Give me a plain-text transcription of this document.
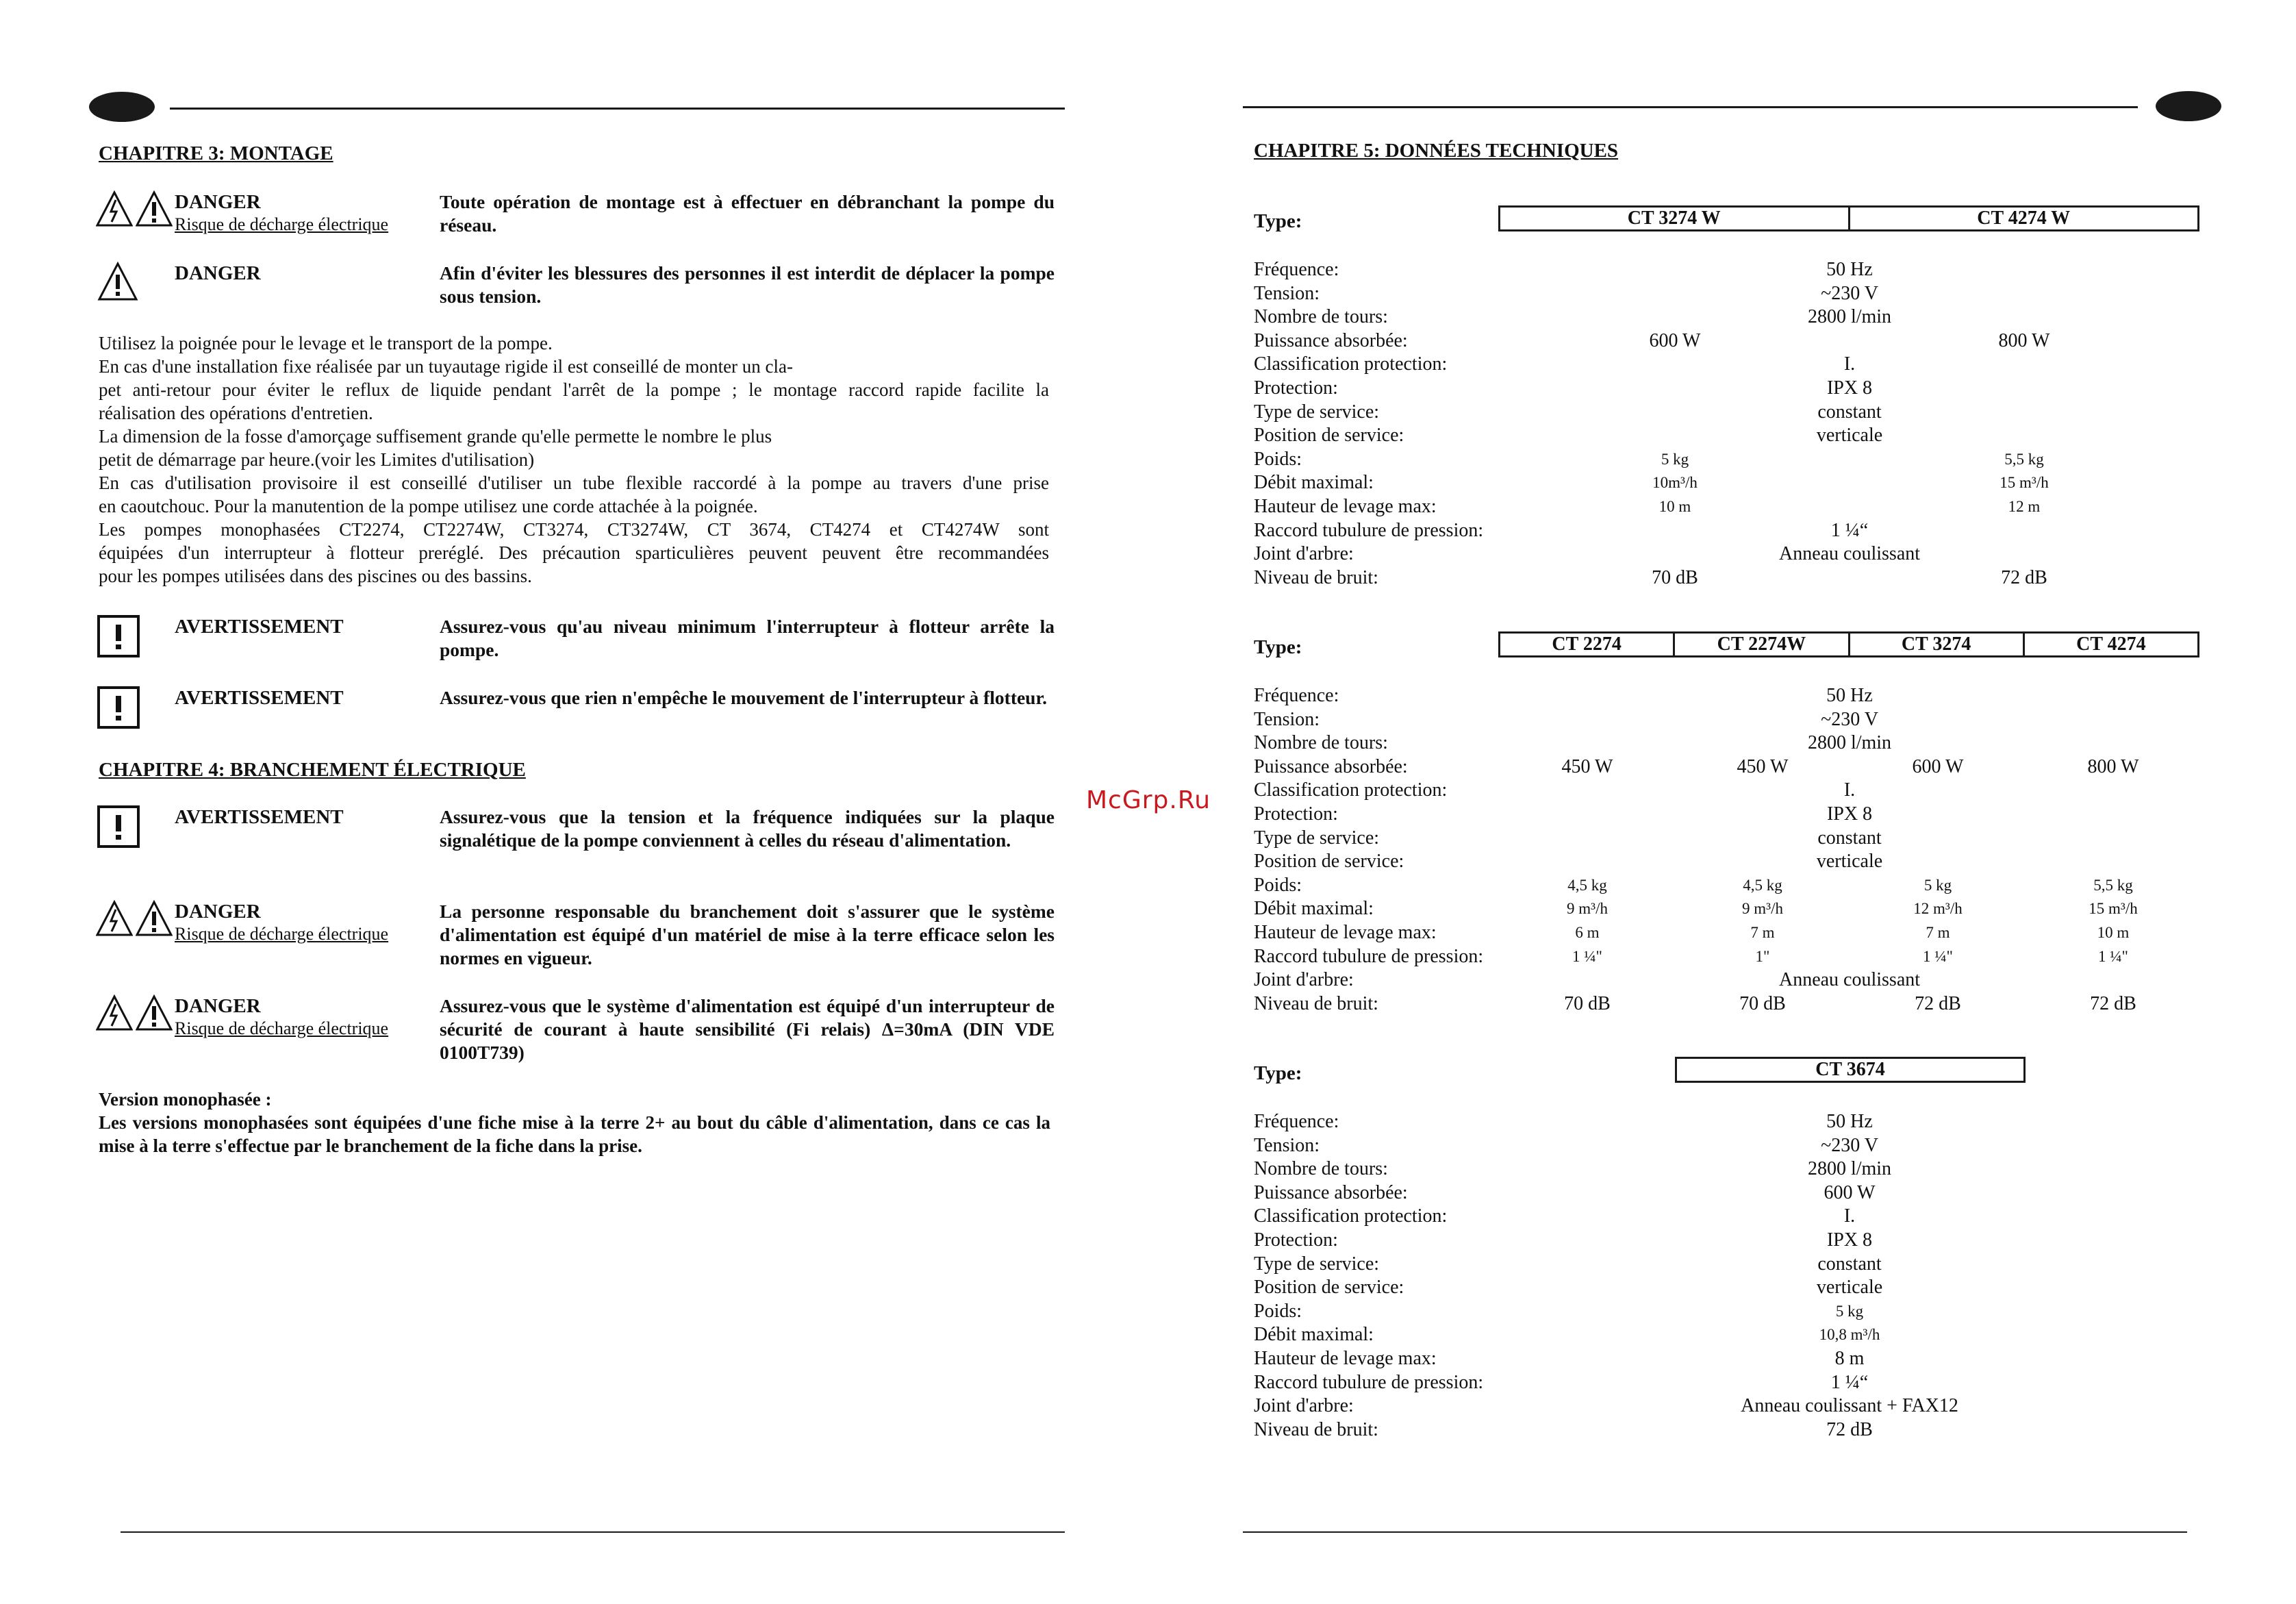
CHAPITRE 3: MONTAGE
DANGER
Risque de décharge électrique
Toute opération de montage est à effectuer en débranchant la pompe du réseau.
DANGER	Afin d'éviter les blessures des personnes il est interdit de déplacer la pompe sous tension.
Utilisez la poignée pour le levage et le transport de la pompe.
En cas d'une installation fixe réalisée par un tuyautage rigide il est conseillé de monter un cla-
pet anti-retour pour éviter le reflux de liquide pendant l'arrêt de la pompe ; le montage raccord rapide facilite la
réalisation des opérations d'entretien.
La dimension de la fosse d'amorçage suffisement grande qu'elle permette le nombre le plus
petit de démarrage par heure.(voir les Limites d'utilisation)
En cas d'utilisation provisoire il est conseillé d'utiliser un tube flexible raccordé à la pompe au travers d'une prise
en caoutchouc. Pour la manutention de la pompe utilisez une corde attachée à la poignée.
Les pompes monophasées CT2274, CT2274W, CT3274, CT3274W, CT 3674, CT4274 et CT4274W sont
équipées d'un interrupteur à flotteur preréglé. Des précaution sparticulières peuvent peuvent être recommandées
pour les pompes utilisées dans des piscines ou des bassins.
AVERTISSEMENT	Assurez-vous qu'au niveau minimum l'interrupteur à flotteur arrête la pompe.
AVERTISSEMENT	Assurez-vous que rien n'empêche le mouvement de l'interrupteur à flotteur.
CHAPITRE 4: BRANCHEMENT ÉLECTRIQUE
AVERTISSEMENT	Assurez-vous que la tension et la fréquence indiquées sur la plaque signalétique de la pompe conviennent à celles du réseau d'alimentation.
DANGER
Risque de décharge électrique
La personne responsable du branchement doit s'assurer que le système d'alimentation est équipé d'un matériel de mise à la terre efficace selon les normes en vigueur.
DANGER
Risque de décharge électrique
Assurez-vous que le système d'alimentation est équipé d'un interrupteur de sécurité de courant à haute sensibilité (Fi relais) Δ=30mA (DIN VDE 0100T739)
Version monophasée :
Les versions monophasées sont équipées d'une fiche mise à la terre 2+ au bout du câble d'alimentation, dans ce cas la mise à la terre s'effectue par le branchement de la fiche dans la prise.
McGrp.Ru
CHAPITRE 5: DONNÉES TECHNIQUES
Type:	CT 3274 W	CT 4274 W
Fréquence:	50 Hz
Tension:	~230 V
Nombre de tours:	2800 l/min
Puissance absorbée:	600 W	800 W
Classification protection:	I.
Protection:	IPX 8
Type de service:	constant
Position de service:	verticale
Poids:	5 kg	5,5 kg
Débit maximal:	10m³/h	15 m³/h
Hauteur de levage max:	10 m	12 m
Raccord tubulure de pression:	1 ¼“
Joint d'arbre:	Anneau coulissant
Niveau de bruit:	70 dB	72 dB
Type:	CT 2274	CT 2274W	CT 3274	CT 4274
Fréquence:	50 Hz
Tension:	~230 V
Nombre de tours:	2800 l/min
Puissance absorbée:	450 W	450 W	600 W	800 W
Classification protection:	I.
Protection:	IPX 8
Type de service:	constant
Position de service:	verticale
Poids:	4,5 kg	4,5 kg	5 kg	5,5 kg
Débit maximal:	9 m³/h	9 m³/h	12 m³/h	15 m³/h
Hauteur de levage max:	6 m	7 m	7 m	10 m
Raccord tubulure de pression:	1 ¼"	1"	1 ¼"	1 ¼"
Joint d'arbre:	Anneau coulissant
Niveau de bruit:	70 dB	70 dB	72 dB	72 dB
Type:	CT 3674
Fréquence:	50 Hz
Tension:	~230 V
Nombre de tours:	2800 l/min
Puissance absorbée:	600 W
Classification protection:	I.
Protection:	IPX 8
Type de service:	constant
Position de service:	verticale
Poids:	5 kg
Débit maximal:	10,8 m³/h
Hauteur de levage max:	8 m
Raccord tubulure de pression:	1 ¼“
Joint d'arbre:	Anneau coulissant + FAX12
Niveau de bruit:	72 dB
